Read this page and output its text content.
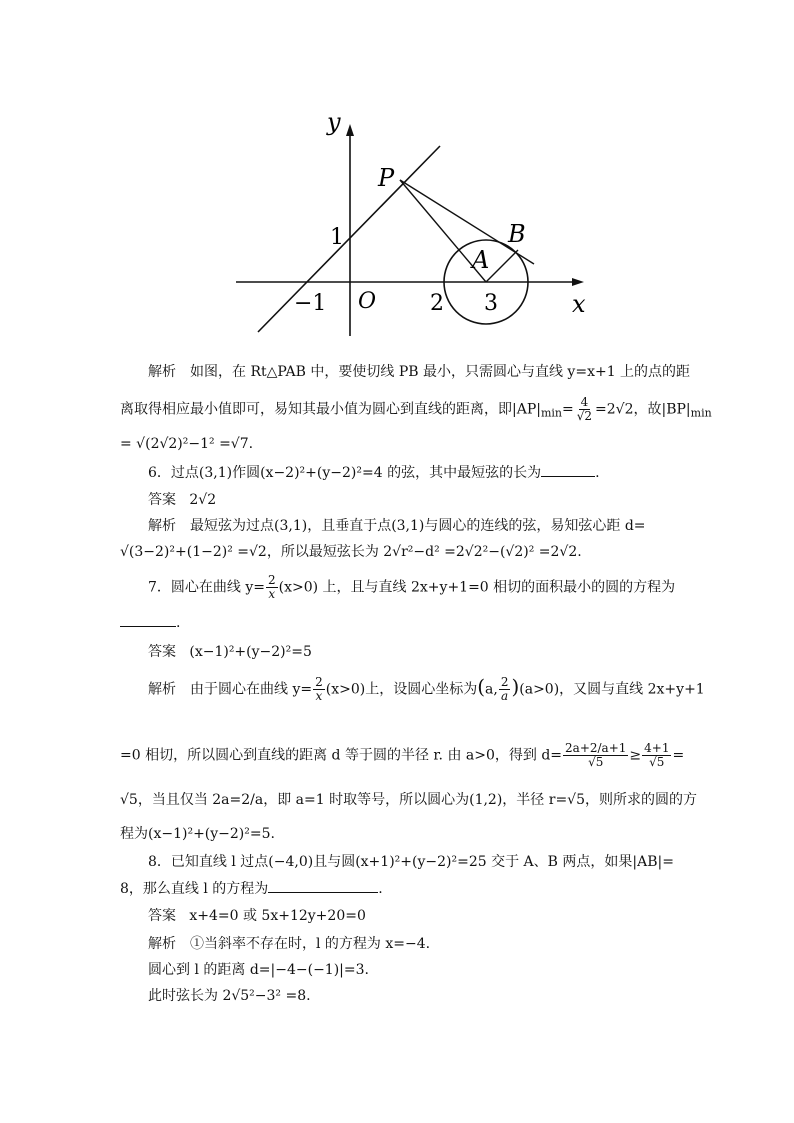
y
P
B
A
1
O 2 3
−1	x
解析　如图，在 Rt△PAB 中，要使切线 PB 最小，只需圆心与直线 y=x+1 上的点的距
离取得相应最小值即可，易知其最小值为圆心到直线的距离，即$|AP|_{min}= \frac{4}{√2} =2√2$，故$|BP|_{min}$
= √(2√2)²−1² =√7.
6．过点(3,1)作圆(x−2)²+(y−2)²=4 的弦，其中最短弦的长为	.
答案 2√2
解析　最短弦为过点(3,1)，且垂直于点(3,1)与圆心的连线的弦，易知弦心距 d=
√(3−2)²+(1−2)² =√2，所以最短弦长为 2√r²−d² =2√2²−(√2)² =2√2.
7．圆心在曲线 $y= \frac{2}{x} (x>0)$ 上，且与直线 2x+y+1=0 相切的面积最小的圆的方程为
.
答案 (x−1)²+(y−2)²=5
解析　由于圆心在曲线 $y= \frac{2}{x} (x>0)$上，设圆心坐标为(a, $\frac{2}{a} )(a>0)$，又圆与直线 2x+y+1
=0 相切，所以圆心到直线的距离 d 等于圆的半径 r. 由 a>0，得到 $d= \frac{2a+2/a+1}{√5} \ge \frac{4+1}{√5}$ =
√5，当且仅当 2a=2/a，即 a=1 时取等号，所以圆心为(1,2)，半径 r=√5，则所求的圆的方
程为(x−1)²+(y−2)²=5.
8．已知直线 l 过点(−4,0)且与圆(x+1)²+(y−2)²=25 交于 A、B 两点，如果|AB|=
8，那么直线 l 的方程为	.
答案 x+4=0 或 5x+12y+20=0
解析　①当斜率不存在时，l 的方程为 x=−4.
圆心到 l 的距离 d=|−4−(−1)|=3.
此时弦长为 2√5²−3² =8.
